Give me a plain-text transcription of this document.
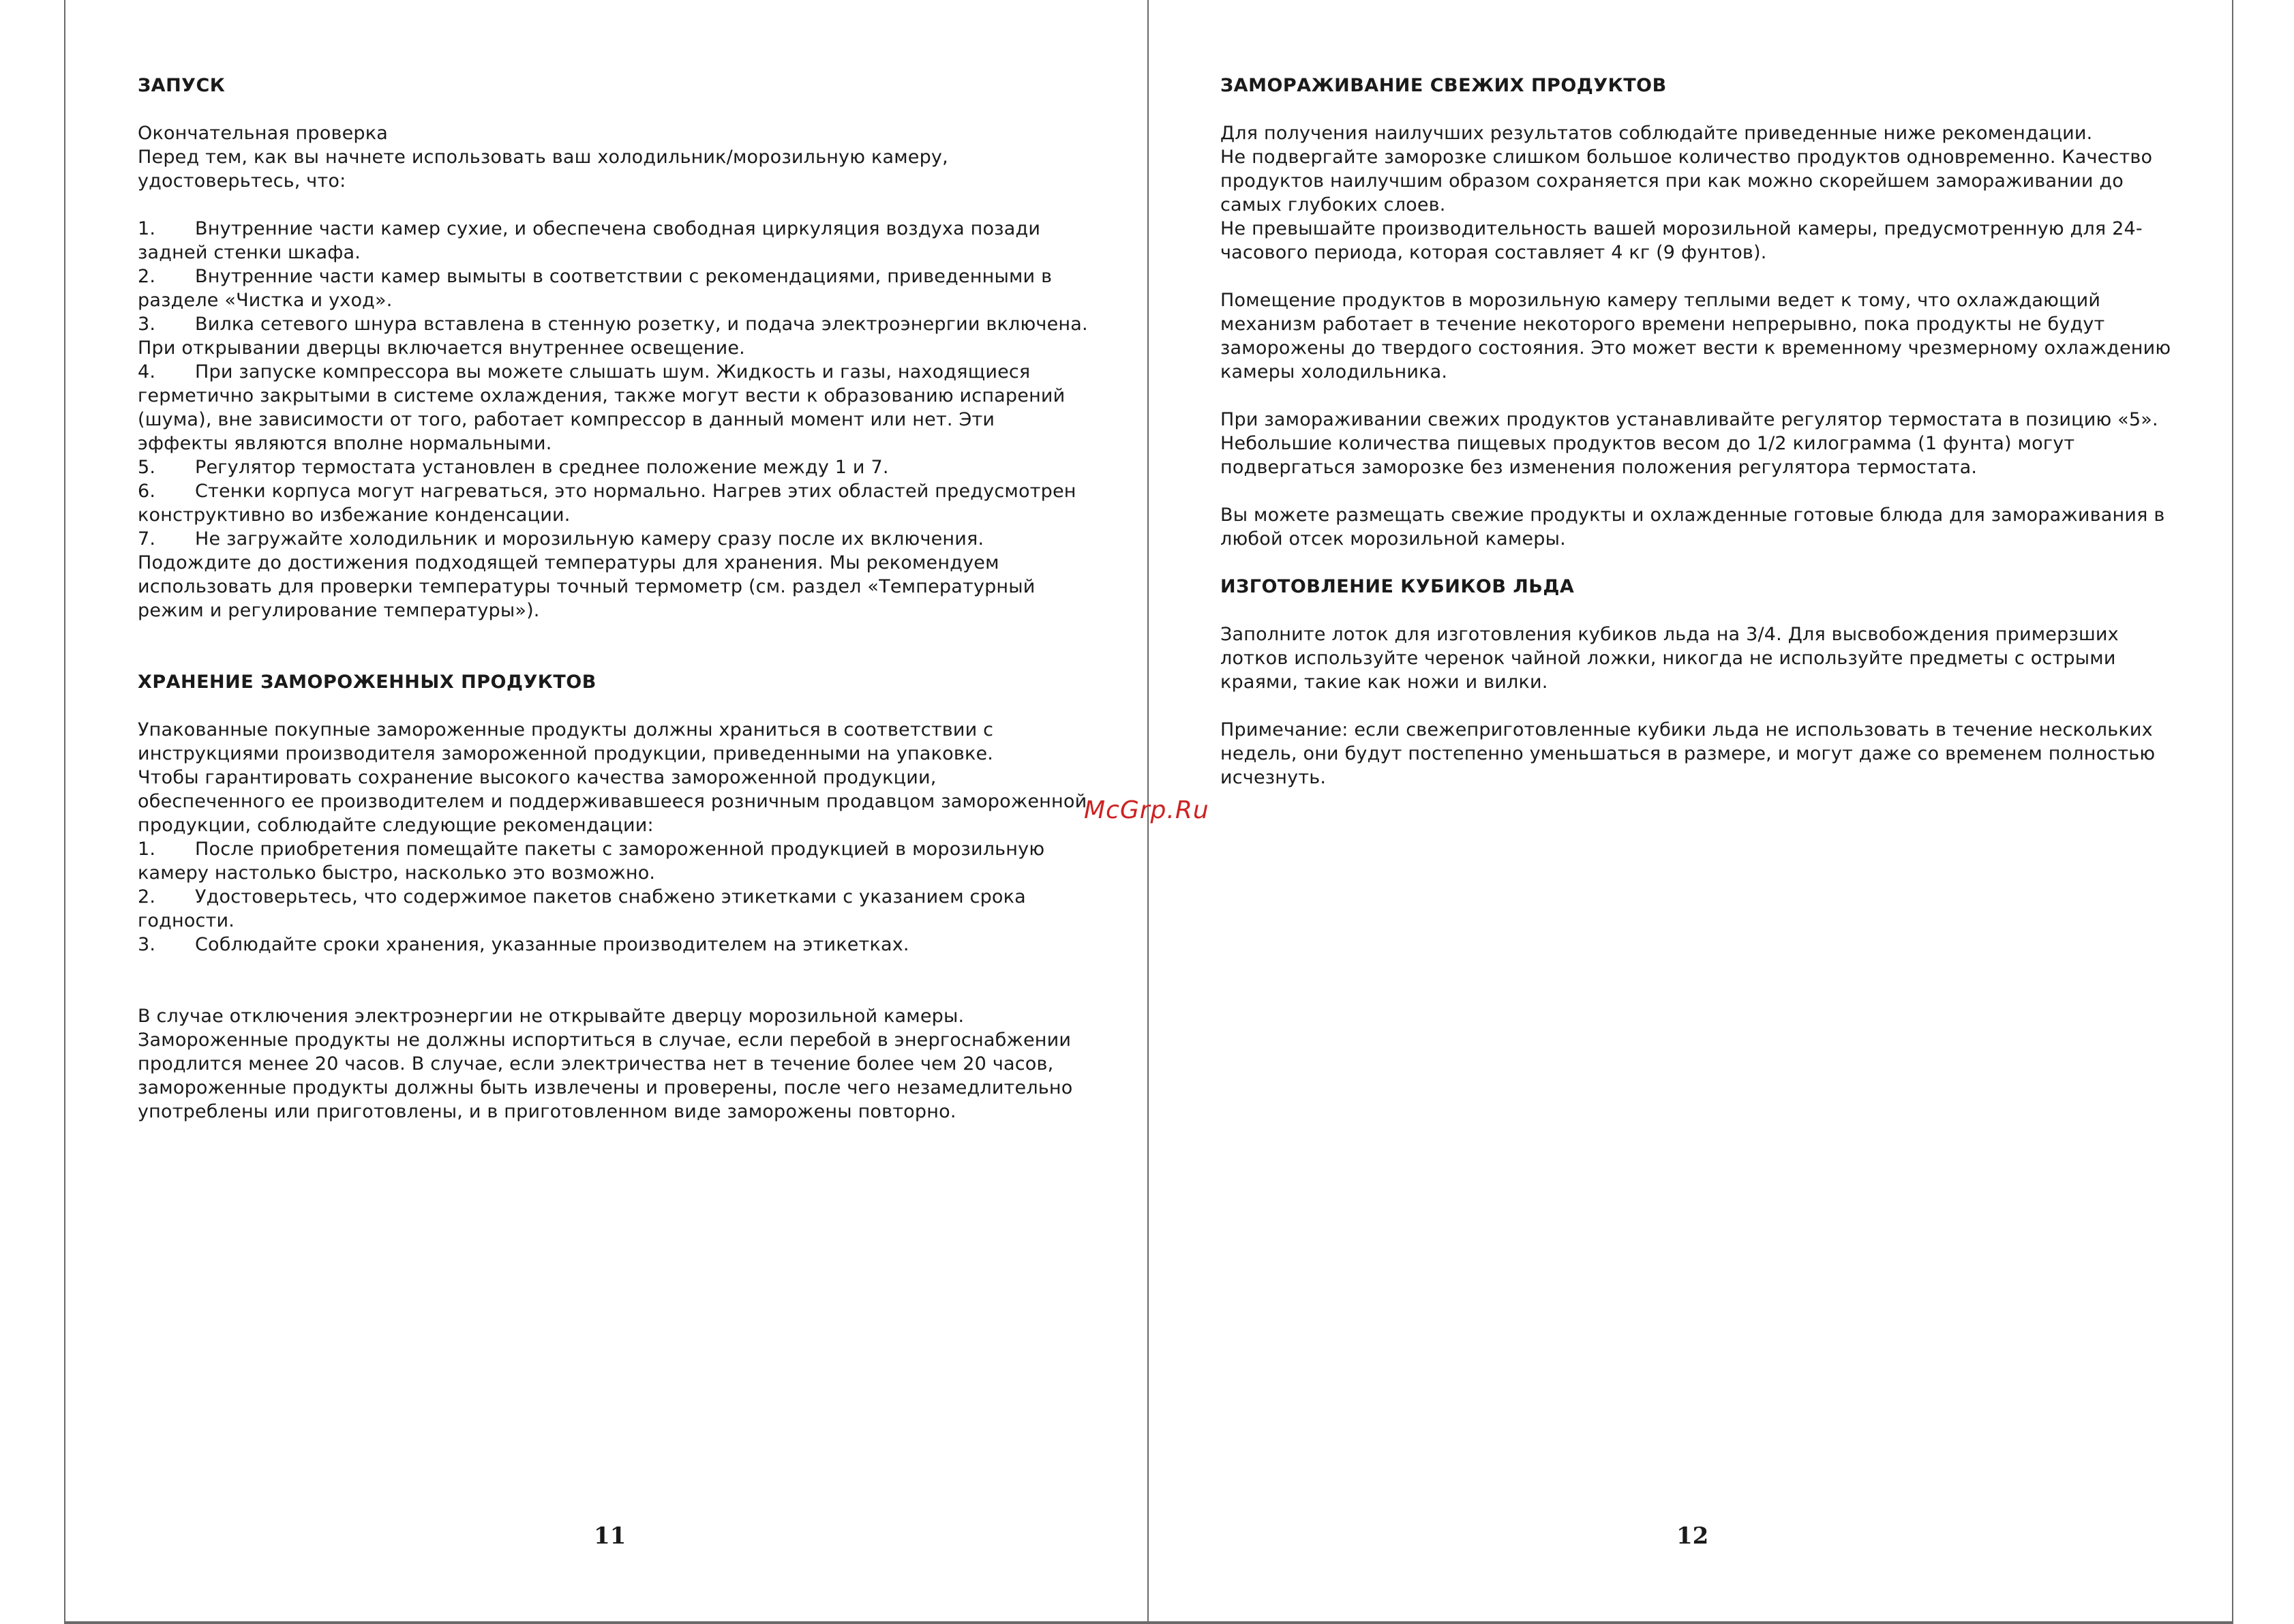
ЗАПУСК

Окончательная проверка

Перед тем, как вы начнете использовать ваш холодильник/морозильную камеру, удостоверьтесь, что:

1. Внутренние части камер сухие, и обеспечена свободная циркуляция воздуха позади задней стенки шкафа.

2. Внутренние части камер вымыты в соответствии с рекомендациями, приведенными в разделе «Чистка и уход».

3. Вилка сетевого шнура вставлена в стенную розетку, и подача электроэнергии включена. При открывании дверцы включается внутреннее освещение.

4. При запуске компрессора вы можете слышать шум. Жидкость и газы, находящиеся герметично закрытыми в системе охлаждения, также могут вести к образованию испарений (шума), вне зависимости от того, работает компрессор в данный момент или нет. Эти эффекты являются вполне нормальными.

5. Регулятор термостата установлен в среднее положение между 1 и 7.

6. Стенки корпуса могут нагреваться, это нормально. Нагрев этих областей предусмотрен конструктивно во избежание конденсации.

7. Не загружайте холодильник и морозильную камеру сразу после их включения. Подождите до достижения подходящей температуры для хранения. Мы рекомендуем использовать для проверки температуры точный термометр (см. раздел «Температурный режим и регулирование температуры»).

ХРАНЕНИЕ ЗАМОРОЖЕННЫХ ПРОДУКТОВ

Упакованные покупные замороженные продукты должны храниться в соответствии с инструкциями производителя замороженной продукции, приведенными на упаковке.

Чтобы гарантировать сохранение высокого качества замороженной продукции, обеспеченного ее производителем и поддерживавшееся розничным продавцом замороженной продукции, соблюдайте следующие рекомендации:

1. После приобретения помещайте пакеты с замороженной продукцией в морозильную камеру настолько быстро, насколько это возможно.

2. Удостоверьтесь, что содержимое пакетов снабжено этикетками с указанием срока годности.

3. Соблюдайте сроки хранения, указанные производителем на этикетках.

В случае отключения электроэнергии не открывайте дверцу морозильной камеры. Замороженные продукты не должны испортиться в случае, если перебой в энергоснабжении продлится менее 20 часов. В случае, если электричества нет в течение более чем 20 часов, замороженные продукты должны быть извлечены и проверены, после чего незамедлительно употреблены или приготовлены, и в приготовленном виде заморожены повторно.

11

ЗАМОРАЖИВАНИЕ СВЕЖИХ ПРОДУКТОВ

Для получения наилучших результатов соблюдайте приведенные ниже рекомендации.

Не подвергайте заморозке слишком большое количество продуктов одновременно. Качество продуктов наилучшим образом сохраняется при как можно скорейшем замораживании до самых глубоких слоев.

Не превышайте производительность вашей морозильной камеры, предусмотренную для 24-часового периода, которая составляет 4 кг (9 фунтов).

Помещение продуктов в морозильную камеру теплыми ведет к тому, что охлаждающий механизм работает в течение некоторого времени непрерывно, пока продукты не будут заморожены до твердого состояния. Это может вести к временному чрезмерному охлаждению камеры холодильника.

При замораживании свежих продуктов устанавливайте регулятор термостата в позицию «5».

Небольшие количества пищевых продуктов весом до 1/2 килограмма (1 фунта) могут подвергаться заморозке без изменения положения регулятора термостата.

Вы можете размещать свежие продукты и охлажденные готовые блюда для замораживания в любой отсек морозильной камеры.

ИЗГОТОВЛЕНИЕ КУБИКОВ ЛЬДА

Заполните лоток для изготовления кубиков льда на 3/4. Для высвобождения примерзших лотков используйте черенок чайной ложки, никогда не используйте предметы с острыми краями, такие как ножи и вилки.

Примечание: если свежеприготовленные кубики льда не использовать в течение нескольких недель, они будут постепенно уменьшаться в размере, и могут даже со временем полностью исчезнуть.

12
McGrp.Ru
